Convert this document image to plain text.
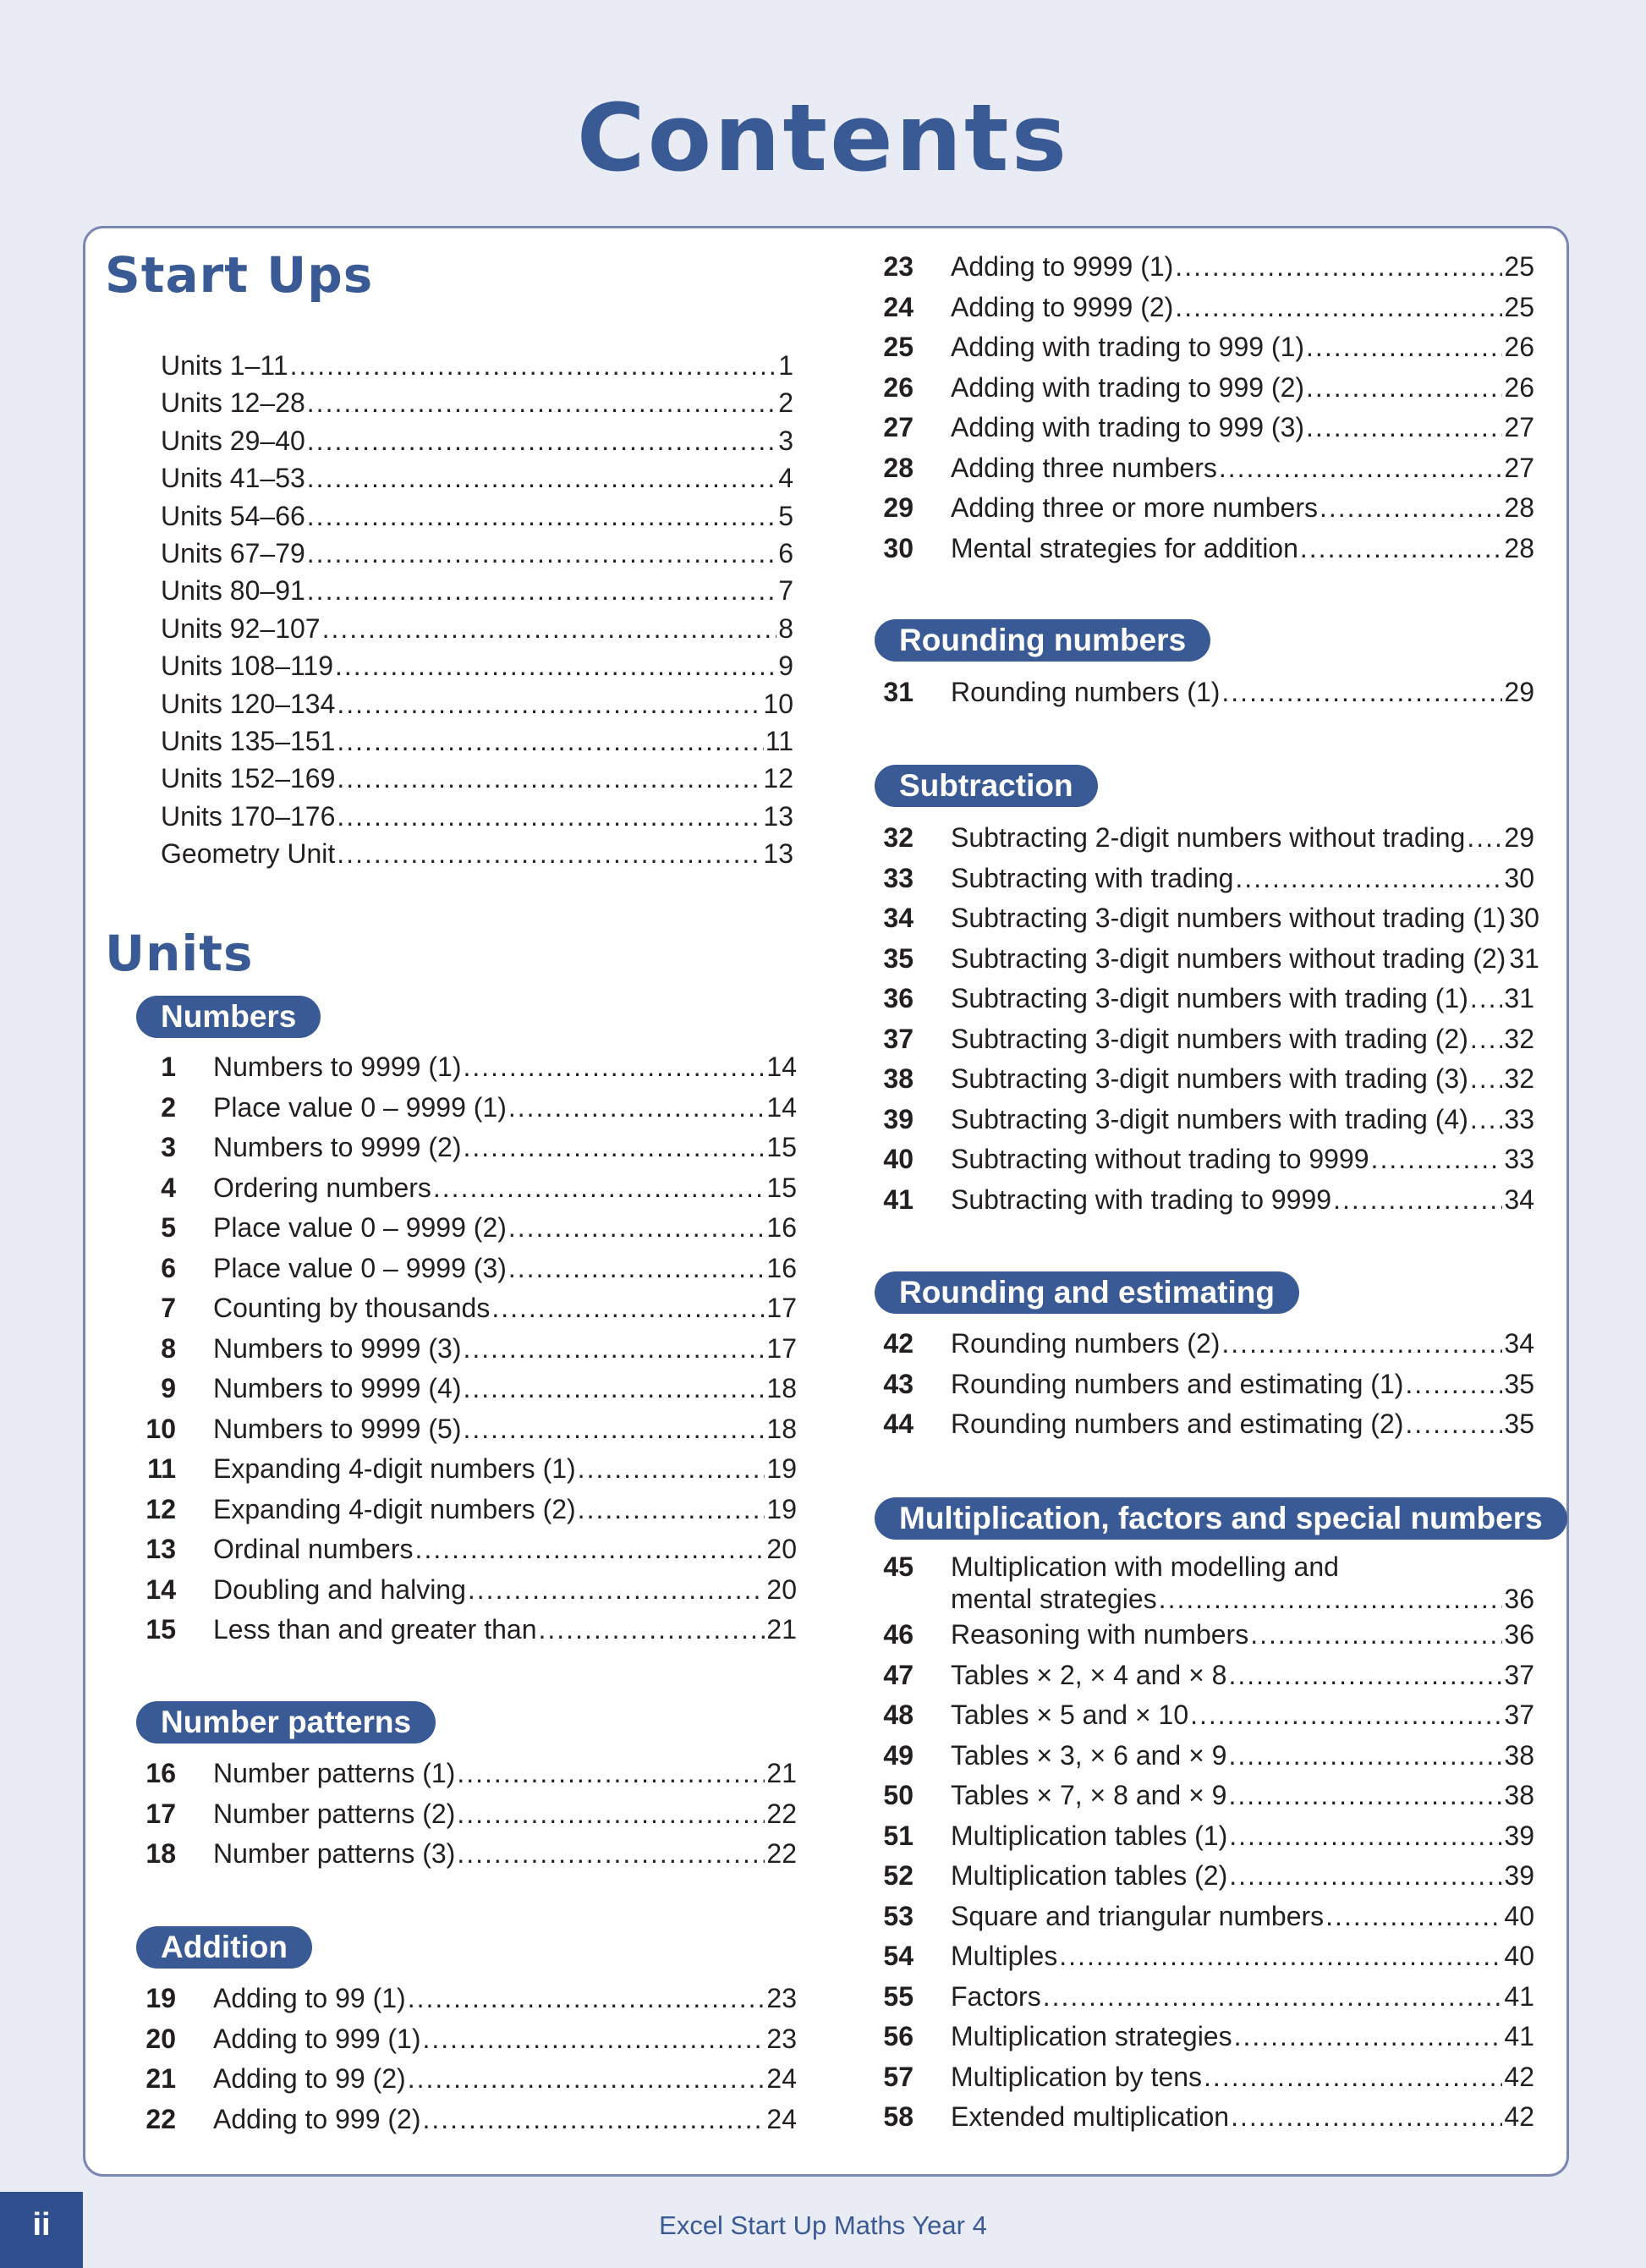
Contents
Start Ups
Units 1–11 .....	1
Units 12–28 .....	2
Units 29–40 .....	3
Units 41–53 .....	4
Units 54–66 .....	5
Units 67–79 .....	6
Units 80–91 .....	7
Units 92–107 .....	8
Units 108–119 .....	9
Units 120–134 .....	10
Units 135–151 .....	11
Units 152–169 .....	12
Units 170–176 .....	13
Geometry Unit .....	13
Units
Numbers
1 Numbers to 9999 (1) .....	14
2 Place value 0 – 9999 (1) .....	14
3 Numbers to 9999 (2) .....	15
4 Ordering numbers .....	15
5 Place value 0 – 9999 (2) .....	16
6 Place value 0 – 9999 (3) .....	16
7 Counting by thousands .....	17
8 Numbers to 9999 (3) .....	17
9 Numbers to 9999 (4) .....	18
10 Numbers to 9999 (5) .....	18
11 Expanding 4-digit numbers (1) .....	19
12 Expanding 4-digit numbers (2) .....	19
13 Ordinal numbers .....	20
14 Doubling and halving .....	20
15 Less than and greater than .....	21
Number patterns
16 Number patterns (1) .....	21
17 Number patterns (2) .....	22
18 Number patterns (3) .....	22
Addition
19 Adding to 99 (1) .....	23
20 Adding to 999 (1) .....	23
21 Adding to 99 (2) .....	24
22 Adding to 999 (2) .....	24
23 Adding to 9999 (1) .....	25
24 Adding to 9999 (2) .....	25
25 Adding with trading to 999 (1) .....	26
26 Adding with trading to 999 (2) .....	26
27 Adding with trading to 999 (3) .....	27
28 Adding three numbers .....	27
29 Adding three or more numbers .....	28
30 Mental strategies for addition .....	28
Rounding numbers
31 Rounding numbers (1) .....	29
Subtraction
32 Subtracting 2-digit numbers without trading ..... 29
33 Subtracting with trading .....	30
34 Subtracting 3-digit numbers without trading (1) 30
35 Subtracting 3-digit numbers without trading (2) 31
36 Subtracting 3-digit numbers with trading (1) ..... 31
37 Subtracting 3-digit numbers with trading (2) ..... 32
38 Subtracting 3-digit numbers with trading (3) ..... 32
39 Subtracting 3-digit numbers with trading (4) ..... 33
40 Subtracting without trading to 9999 .....	33
41 Subtracting with trading to 9999 .....	34
Rounding and estimating
42 Rounding numbers (2) .....	34
43 Rounding numbers and estimating (1) .....	35
44 Rounding numbers and estimating (2) .....	35
Multiplication, factors and special numbers
45 Multiplication with modelling and
mental strategies .....	36
46 Reasoning with numbers .....	36
47 Tables × 2, × 4 and × 8 .....	37
48 Tables × 5 and × 10 .....	37
49 Tables × 3, × 6 and × 9 .....	38
50 Tables × 7, × 8 and × 9 .....	38
51 Multiplication tables (1) .....	39
52 Multiplication tables (2) .....	39
53 Square and triangular numbers .....	40
54 Multiples .....	40
55 Factors .....	41
56 Multiplication strategies .....	41
57 Multiplication by tens .....	42
58 Extended multiplication .....	42
ii	Excel Start Up Maths Year 4
